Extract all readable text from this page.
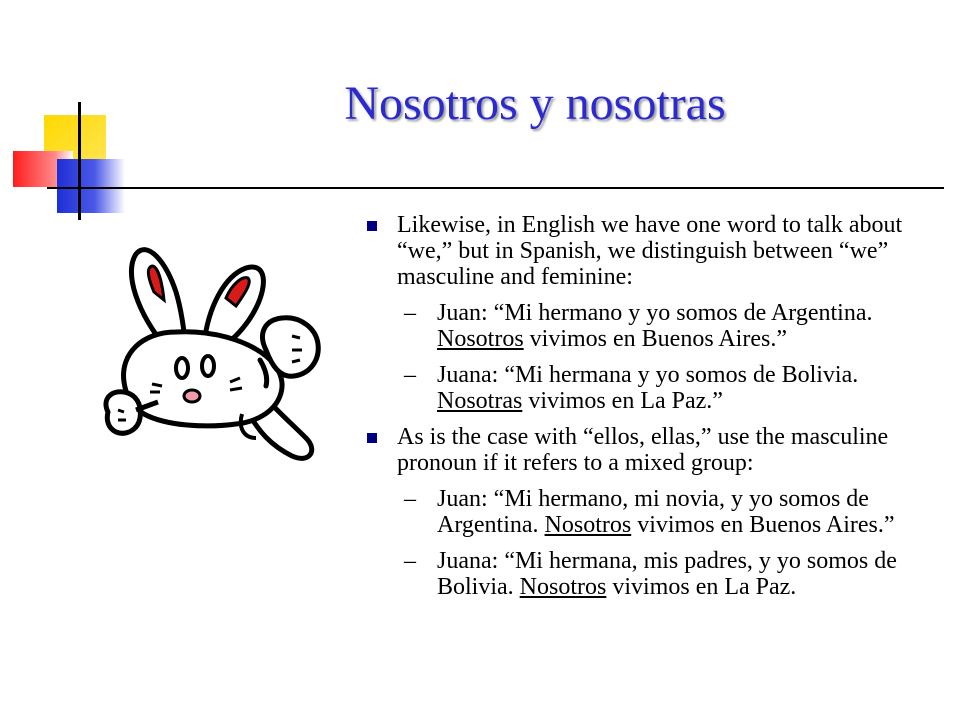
Nosotros y nosotras
Likewise, in English we have one word to talk about “we,” but in Spanish, we distinguish between “we” masculine and feminine:
– Juan: “Mi hermano y yo somos de Argentina. Nosotros vivimos en Buenos Aires.”
– Juana: “Mi hermana y yo somos de Bolivia. Nosotras vivimos en La Paz.”
As is the case with “ellos, ellas,” use the masculine pronoun if it refers to a mixed group:
– Juan: “Mi hermano, mi novia, y yo somos de Argentina. Nosotros vivimos en Buenos Aires.”
– Juana: “Mi hermana, mis padres, y yo somos de Bolivia. Nosotros vivimos en La Paz.
